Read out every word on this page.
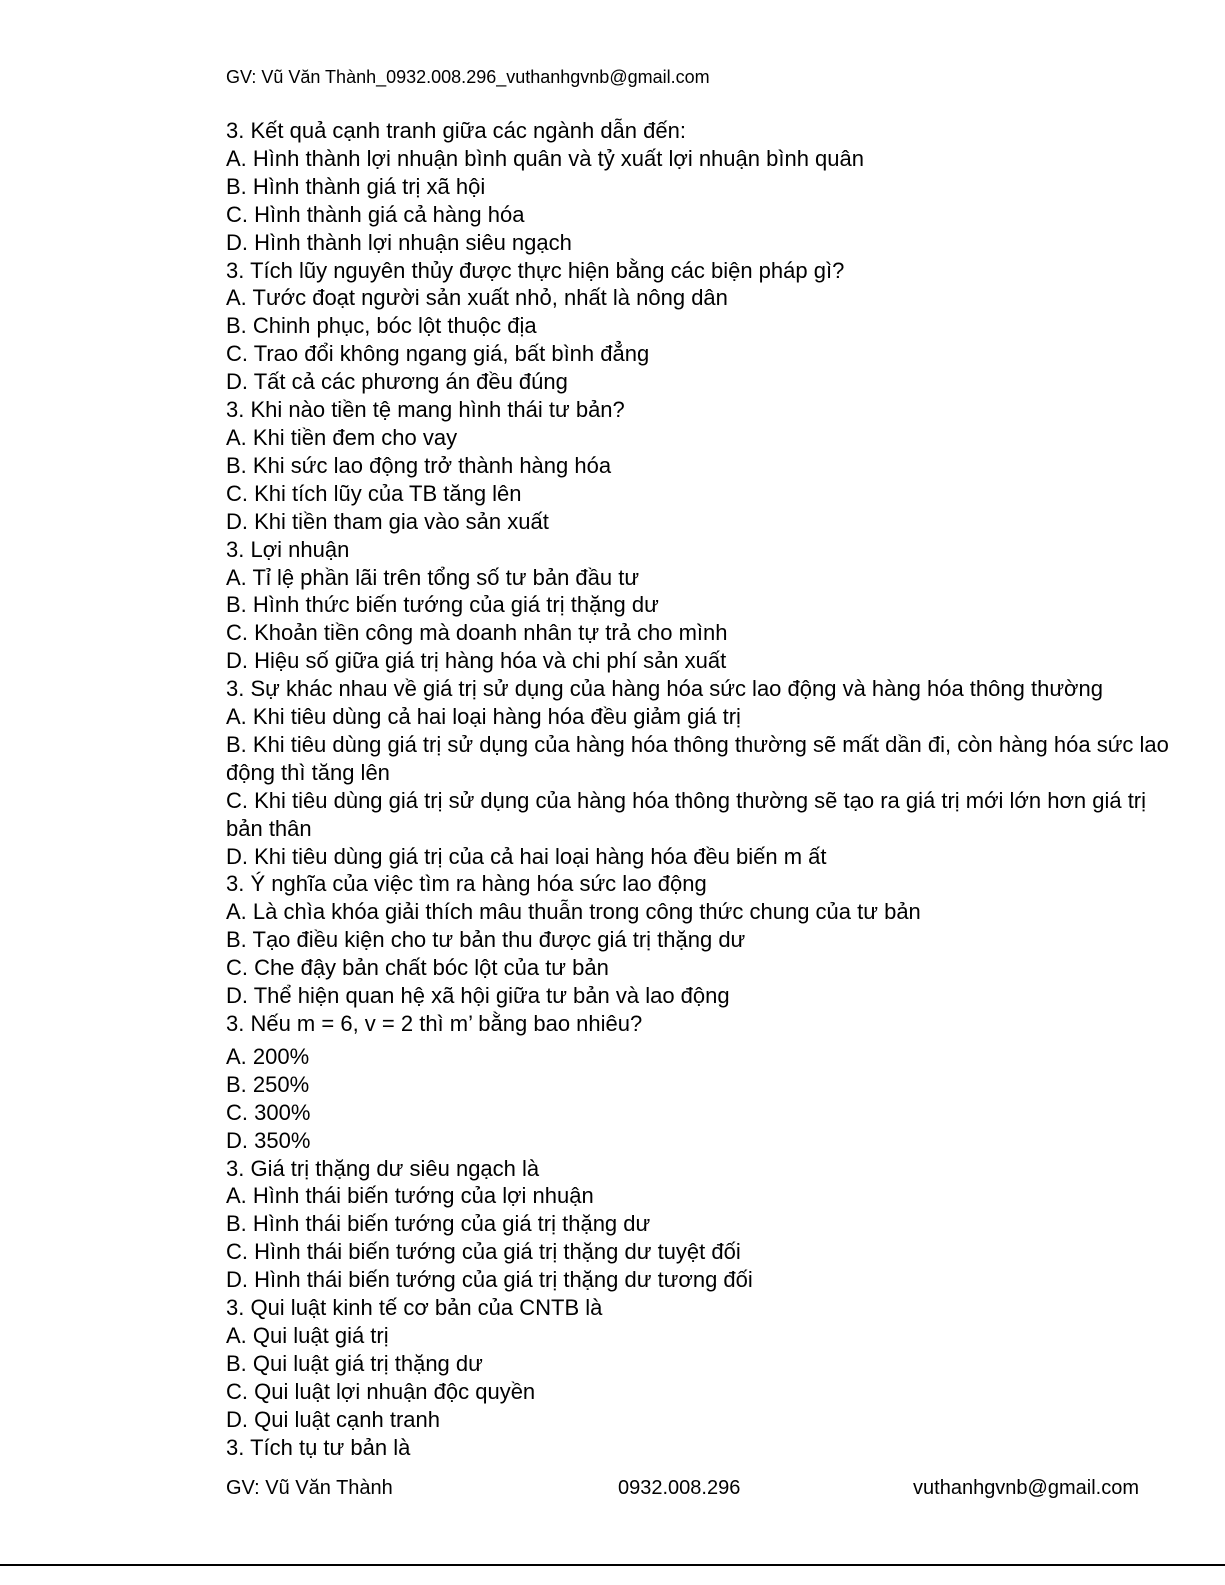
GV: Vũ Văn Thành_0932.008.296_vuthanhgvnb@gmail.com
3. Kết quả cạnh tranh giữa các ngành dẫn đến:
A. Hình thành lợi nhuận bình quân và tỷ xuất lợi nhuận bình quân
B. Hình thành giá trị xã hội
C. Hình thành giá cả hàng hóa
D. Hình thành lợi nhuận siêu ngạch
3. Tích lũy nguyên thủy được thực hiện bằng các biện pháp gì?
A. Tước đoạt người sản xuất nhỏ, nhất là nông dân
B. Chinh phục, bóc lột thuộc địa
C. Trao đổi không ngang giá, bất bình đẳng
D. Tất cả các phương án đều đúng
3. Khi nào tiền tệ mang hình thái tư bản?
A. Khi tiền đem cho vay
B. Khi sức lao động trở thành hàng hóa
C. Khi tích lũy của TB tăng lên
D. Khi tiền tham gia vào sản xuất
3. Lợi nhuận
A. Tỉ lệ phần lãi trên tổng số tư bản đầu tư
B. Hình thức biến tướng của giá trị thặng dư
C. Khoản tiền công mà doanh nhân tự trả cho mình
D. Hiệu số giữa giá trị hàng hóa và chi phí sản xuất
3. Sự khác nhau về giá trị sử dụng của hàng hóa sức lao động và hàng hóa thông thường
A. Khi tiêu dùng cả hai loại hàng hóa đều giảm giá trị
B. Khi tiêu dùng giá trị sử dụng của hàng hóa thông thường sẽ mất dần đi, còn hàng hóa sức lao động thì tăng lên
C. Khi tiêu dùng giá trị sử dụng của hàng hóa thông thường sẽ tạo ra giá trị mới lớn hơn giá trị bản thân
D. Khi tiêu dùng giá trị của cả hai loại hàng hóa đều biến m ất
3. Ý nghĩa của việc tìm ra hàng hóa sức lao động
A. Là chìa khóa giải thích mâu thuẫn trong công thức chung của tư bản
B. Tạo điều kiện cho tư bản thu được giá trị thặng dư
C. Che đậy bản chất bóc lột của tư bản
D. Thể hiện quan hệ xã hội giữa tư bản và lao động
3. Nếu m = 6, v = 2 thì m’ bằng bao nhiêu?
A. 200%
B. 250%
C. 300%
D. 350%
3. Giá trị thặng dư siêu ngạch là
A. Hình thái biến tướng của lợi nhuận
B. Hình thái biến tướng của giá trị thặng dư
C. Hình thái biến tướng của giá trị thặng dư tuyệt đối
D. Hình thái biến tướng của giá trị thặng dư tương đối
3. Qui luật kinh tế cơ bản của CNTB là
A. Qui luật giá trị
B. Qui luật giá trị thặng dư
C. Qui luật lợi nhuận độc quyền
D. Qui luật cạnh tranh
3. Tích tụ tư bản là
GV: Vũ Văn Thành	0932.008.296	vuthanhgvnb@gmail.com
